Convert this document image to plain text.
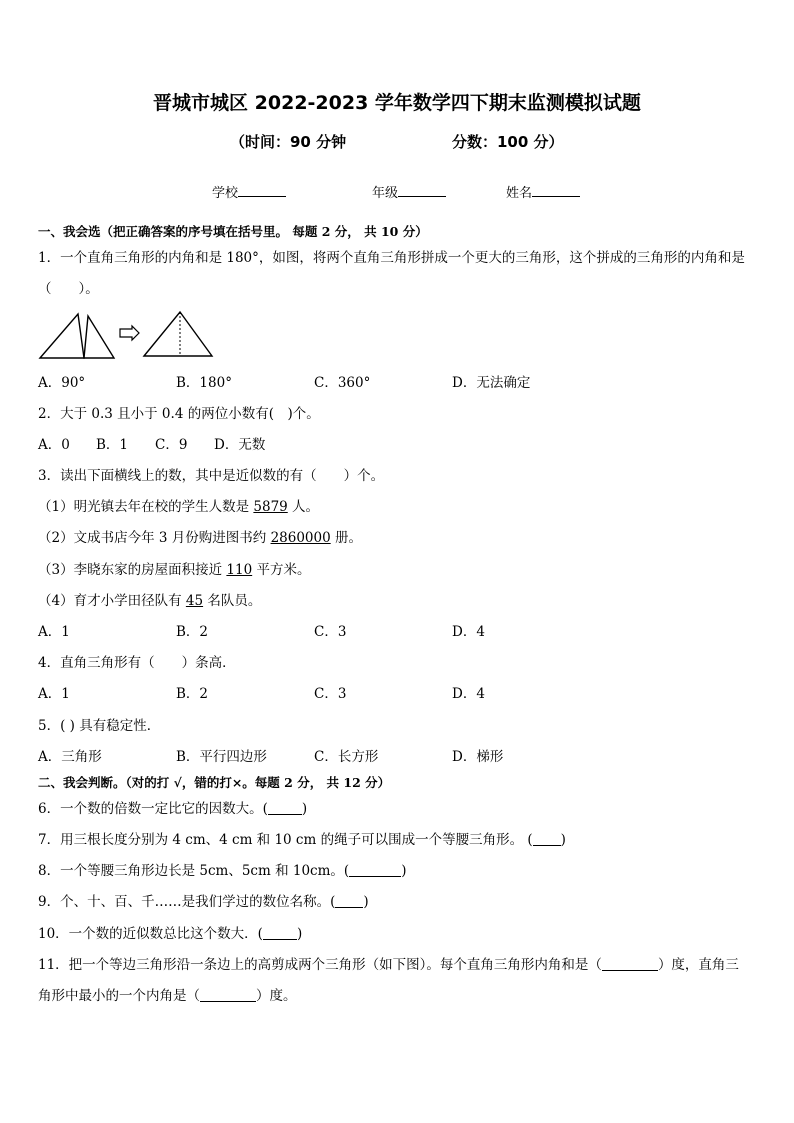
晋城市城区 2022-2023 学年数学四下期末监测模拟试题
（时间：90 分钟	分数：100 分）
学校	年级	姓名
一、我会选（把正确答案的序号填在括号里。 每题 2 分， 共 10 分）
1．一个直角三角形的内角和是 180°，如图，将两个直角三角形拼成一个更大的三角形，这个拼成的三角形的内角和是
（　　）。
A．90°	B．180°	C．360°	D．无法确定
2．大于 0.3 且小于 0.4 的两位小数有(　)个。
A．0 B．1 C．9 D．无数
3．读出下面横线上的数，其中是近似数的有（　　）个。
（1）明光镇去年在校的学生人数是 5879 人。
（2）文成书店今年 3 月份购进图书约 2860000 册。
（3）李晓东家的房屋面积接近 110 平方米。
（4）育才小学田径队有 45 名队员。
A．1	B．2	C．3	D．4
4．直角三角形有（　　）条高．
A．1	B．2	C．3	D．4
5．( ) 具有稳定性．
A．三角形	B．平行四边形	C．长方形	D．梯形
二、我会判断。（对的打 √，错的打×。每题 2 分， 共 12 分）
6．一个数的倍数一定比它的因数大。(	)
7．用三根长度分别为 4 cm、4 cm 和 10 cm 的绳子可以围成一个等腰三角形。 ( )
8．一个等腰三角形边长是 5cm、5cm 和 10cm。(	)
9．个、十、百、千……是我们学过的数位名称。( )
10．一个数的近似数总比这个数大．(	)
11．把一个等边三角形沿一条边上的高剪成两个三角形（如下图）。每个直角三角形内角和是（	）度，直角三
角形中最小的一个内角是（	）度。
